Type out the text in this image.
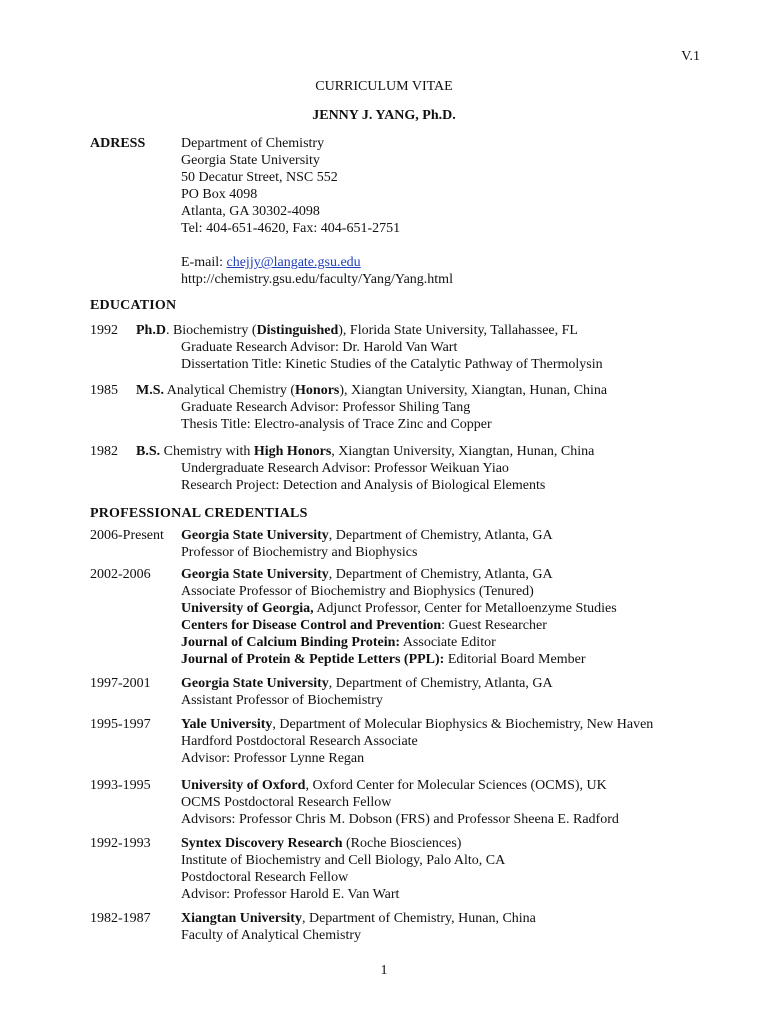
V.1
CURRICULUM VITAE
JENNY J. YANG, Ph.D.
ADRESS	Department of Chemistry
Georgia State University
50 Decatur Street, NSC 552
PO Box 4098
Atlanta, GA 30302-4098
Tel: 404-651-4620, Fax: 404-651-2751
E-mail: chejjy@langate.gsu.edu
http://chemistry.gsu.edu/faculty/Yang/Yang.html
EDUCATION
1992 Ph.D. Biochemistry (Distinguished), Florida State University, Tallahassee, FL
Graduate Research Advisor: Dr. Harold Van Wart
Dissertation Title: Kinetic Studies of the Catalytic Pathway of Thermolysin
1985 M.S. Analytical Chemistry (Honors), Xiangtan University, Xiangtan, Hunan, China
Graduate Research Advisor: Professor Shiling Tang
Thesis Title: Electro-analysis of Trace Zinc and Copper
1982 B.S. Chemistry with High Honors, Xiangtan University, Xiangtan, Hunan, China
Undergraduate Research Advisor: Professor Weikuan Yiao
Research Project: Detection and Analysis of Biological Elements
PROFESSIONAL CREDENTIALS
2006-Present Georgia State University, Department of Chemistry, Atlanta, GA
Professor of Biochemistry and Biophysics
2002-2006 Georgia State University, Department of Chemistry, Atlanta, GA
Associate Professor of Biochemistry and Biophysics (Tenured)
University of Georgia, Adjunct Professor, Center for Metalloenzyme Studies
Centers for Disease Control and Prevention: Guest Researcher
Journal of Calcium Binding Protein: Associate Editor
Journal of Protein & Peptide Letters (PPL): Editorial Board Member
1997-2001 Georgia State University, Department of Chemistry, Atlanta, GA
Assistant Professor of Biochemistry
1995-1997 Yale University, Department of Molecular Biophysics & Biochemistry, New Haven
Hardford Postdoctoral Research Associate
Advisor: Professor Lynne Regan
1993-1995 University of Oxford, Oxford Center for Molecular Sciences (OCMS), UK
OCMS Postdoctoral Research Fellow
Advisors: Professor Chris M. Dobson (FRS) and Professor Sheena E. Radford
1992-1993 Syntex Discovery Research (Roche Biosciences)
Institute of Biochemistry and Cell Biology, Palo Alto, CA
Postdoctoral Research Fellow
Advisor: Professor Harold E. Van Wart
1982-1987 Xiangtan University, Department of Chemistry, Hunan, China
Faculty of Analytical Chemistry
1
